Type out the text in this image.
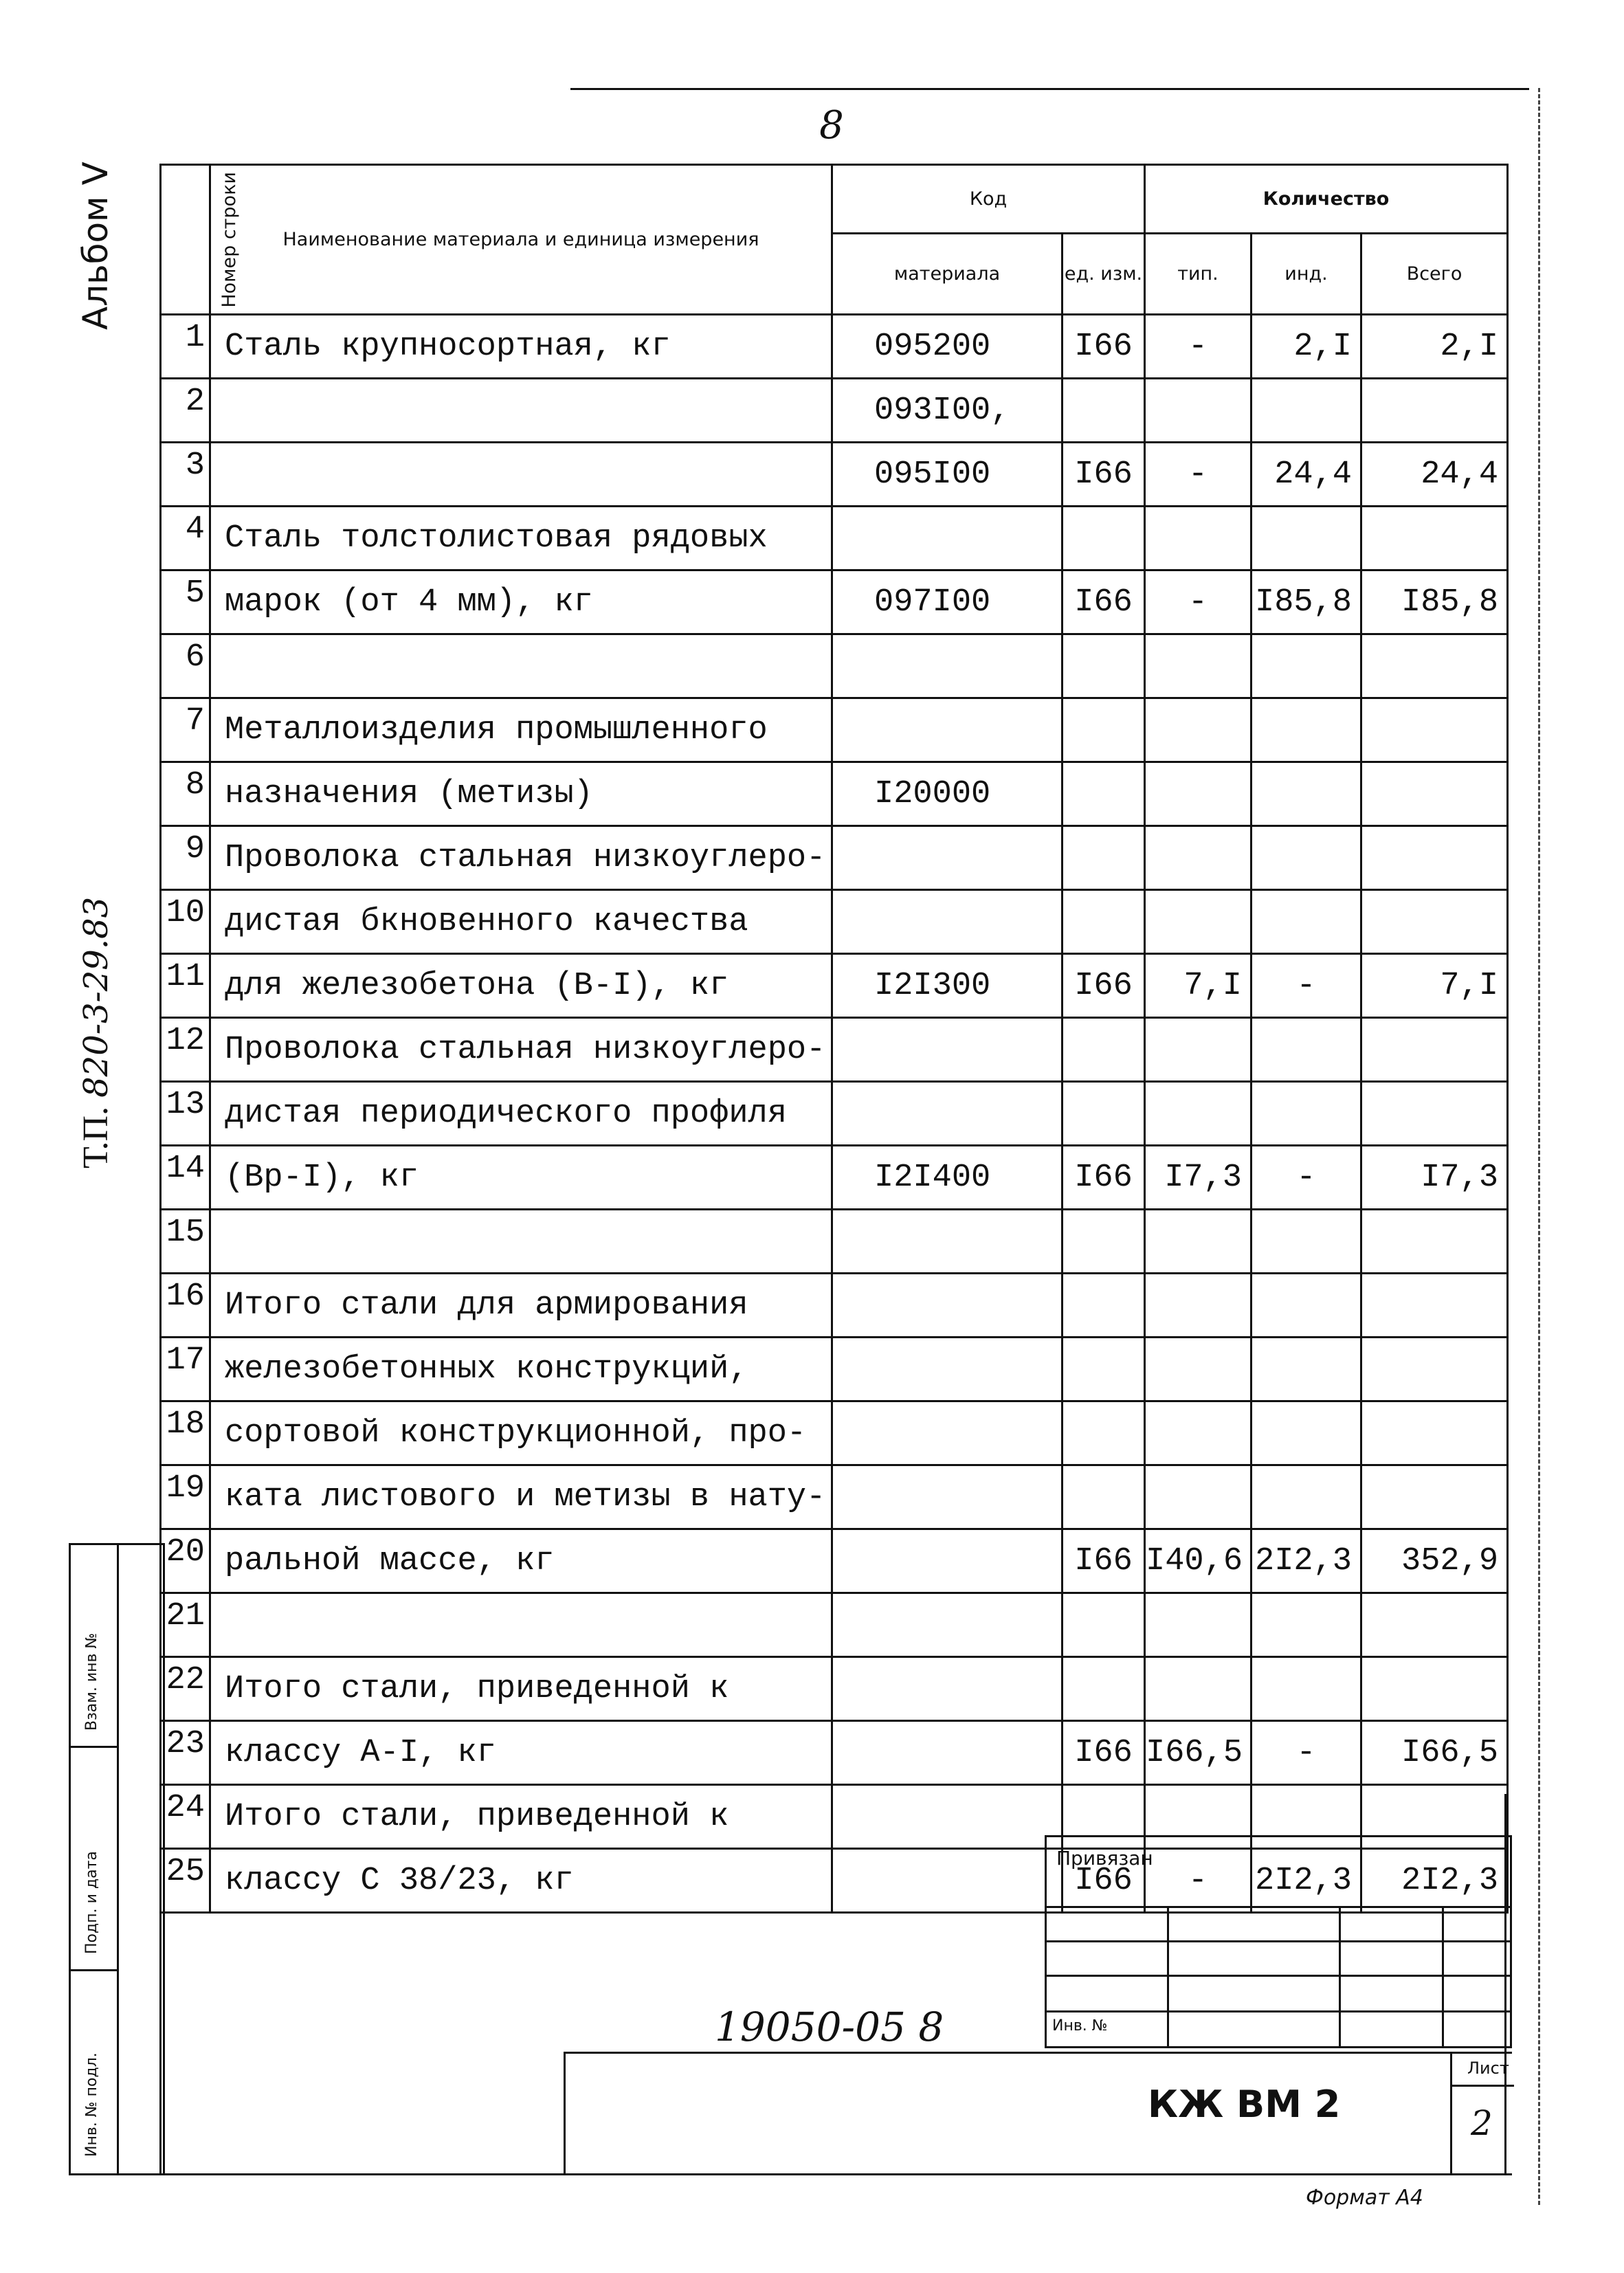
8
Альбом V
Т.П. 820-3-29.83
Взам. инв №
Подп. и дата
Инв. № подл.
Номер строки	Наименование материала и единица измерения	Код		Количество		
		материала	ед. изм.	тип.	инд.	Всего
1	Сталь крупносортная, кг	095200	I66	-	2,I	2,I
2		093I00,				
3		095I00	I66	-	24,4	24,4
4	Сталь толстолистовая рядовых					
5	марок (от 4 мм), кг	097I00	I66	-	I85,8	I85,8
6						
7	Металлоизделия промышленного					
8	назначения (метизы)	I20000				
9	Проволока стальная низкоуглеро-					
10	дистая бкновенного качества					
11	для железобетона (В-I), кг	I2I300	I66	7,I	-	7,I
12	Проволока стальная низкоуглеро-					
13	дистая периодического профиля					
14	(Вр-I), кг	I2I400	I66	I7,3	-	I7,3
15						
16	Итого стали для армирования					
17	железобетонных конструкций,					
18	сортовой конструкционной, про-					
19	ката листового и метизы в нату-					
20	ральной массе, кг		I66	I40,6	2I2,3	352,9
21						
22	Итого стали, приведенной к					
23	классу А-I, кг		I66	I66,5	-	I66,5
24	Итого стали, приведенной к					
25	классу С 38/23, кг		I66	-	2I2,3	2I2,3
Привязан
Инв. №
19050-05 8
КЖ ВМ 2
Лист
2
Формат А4
